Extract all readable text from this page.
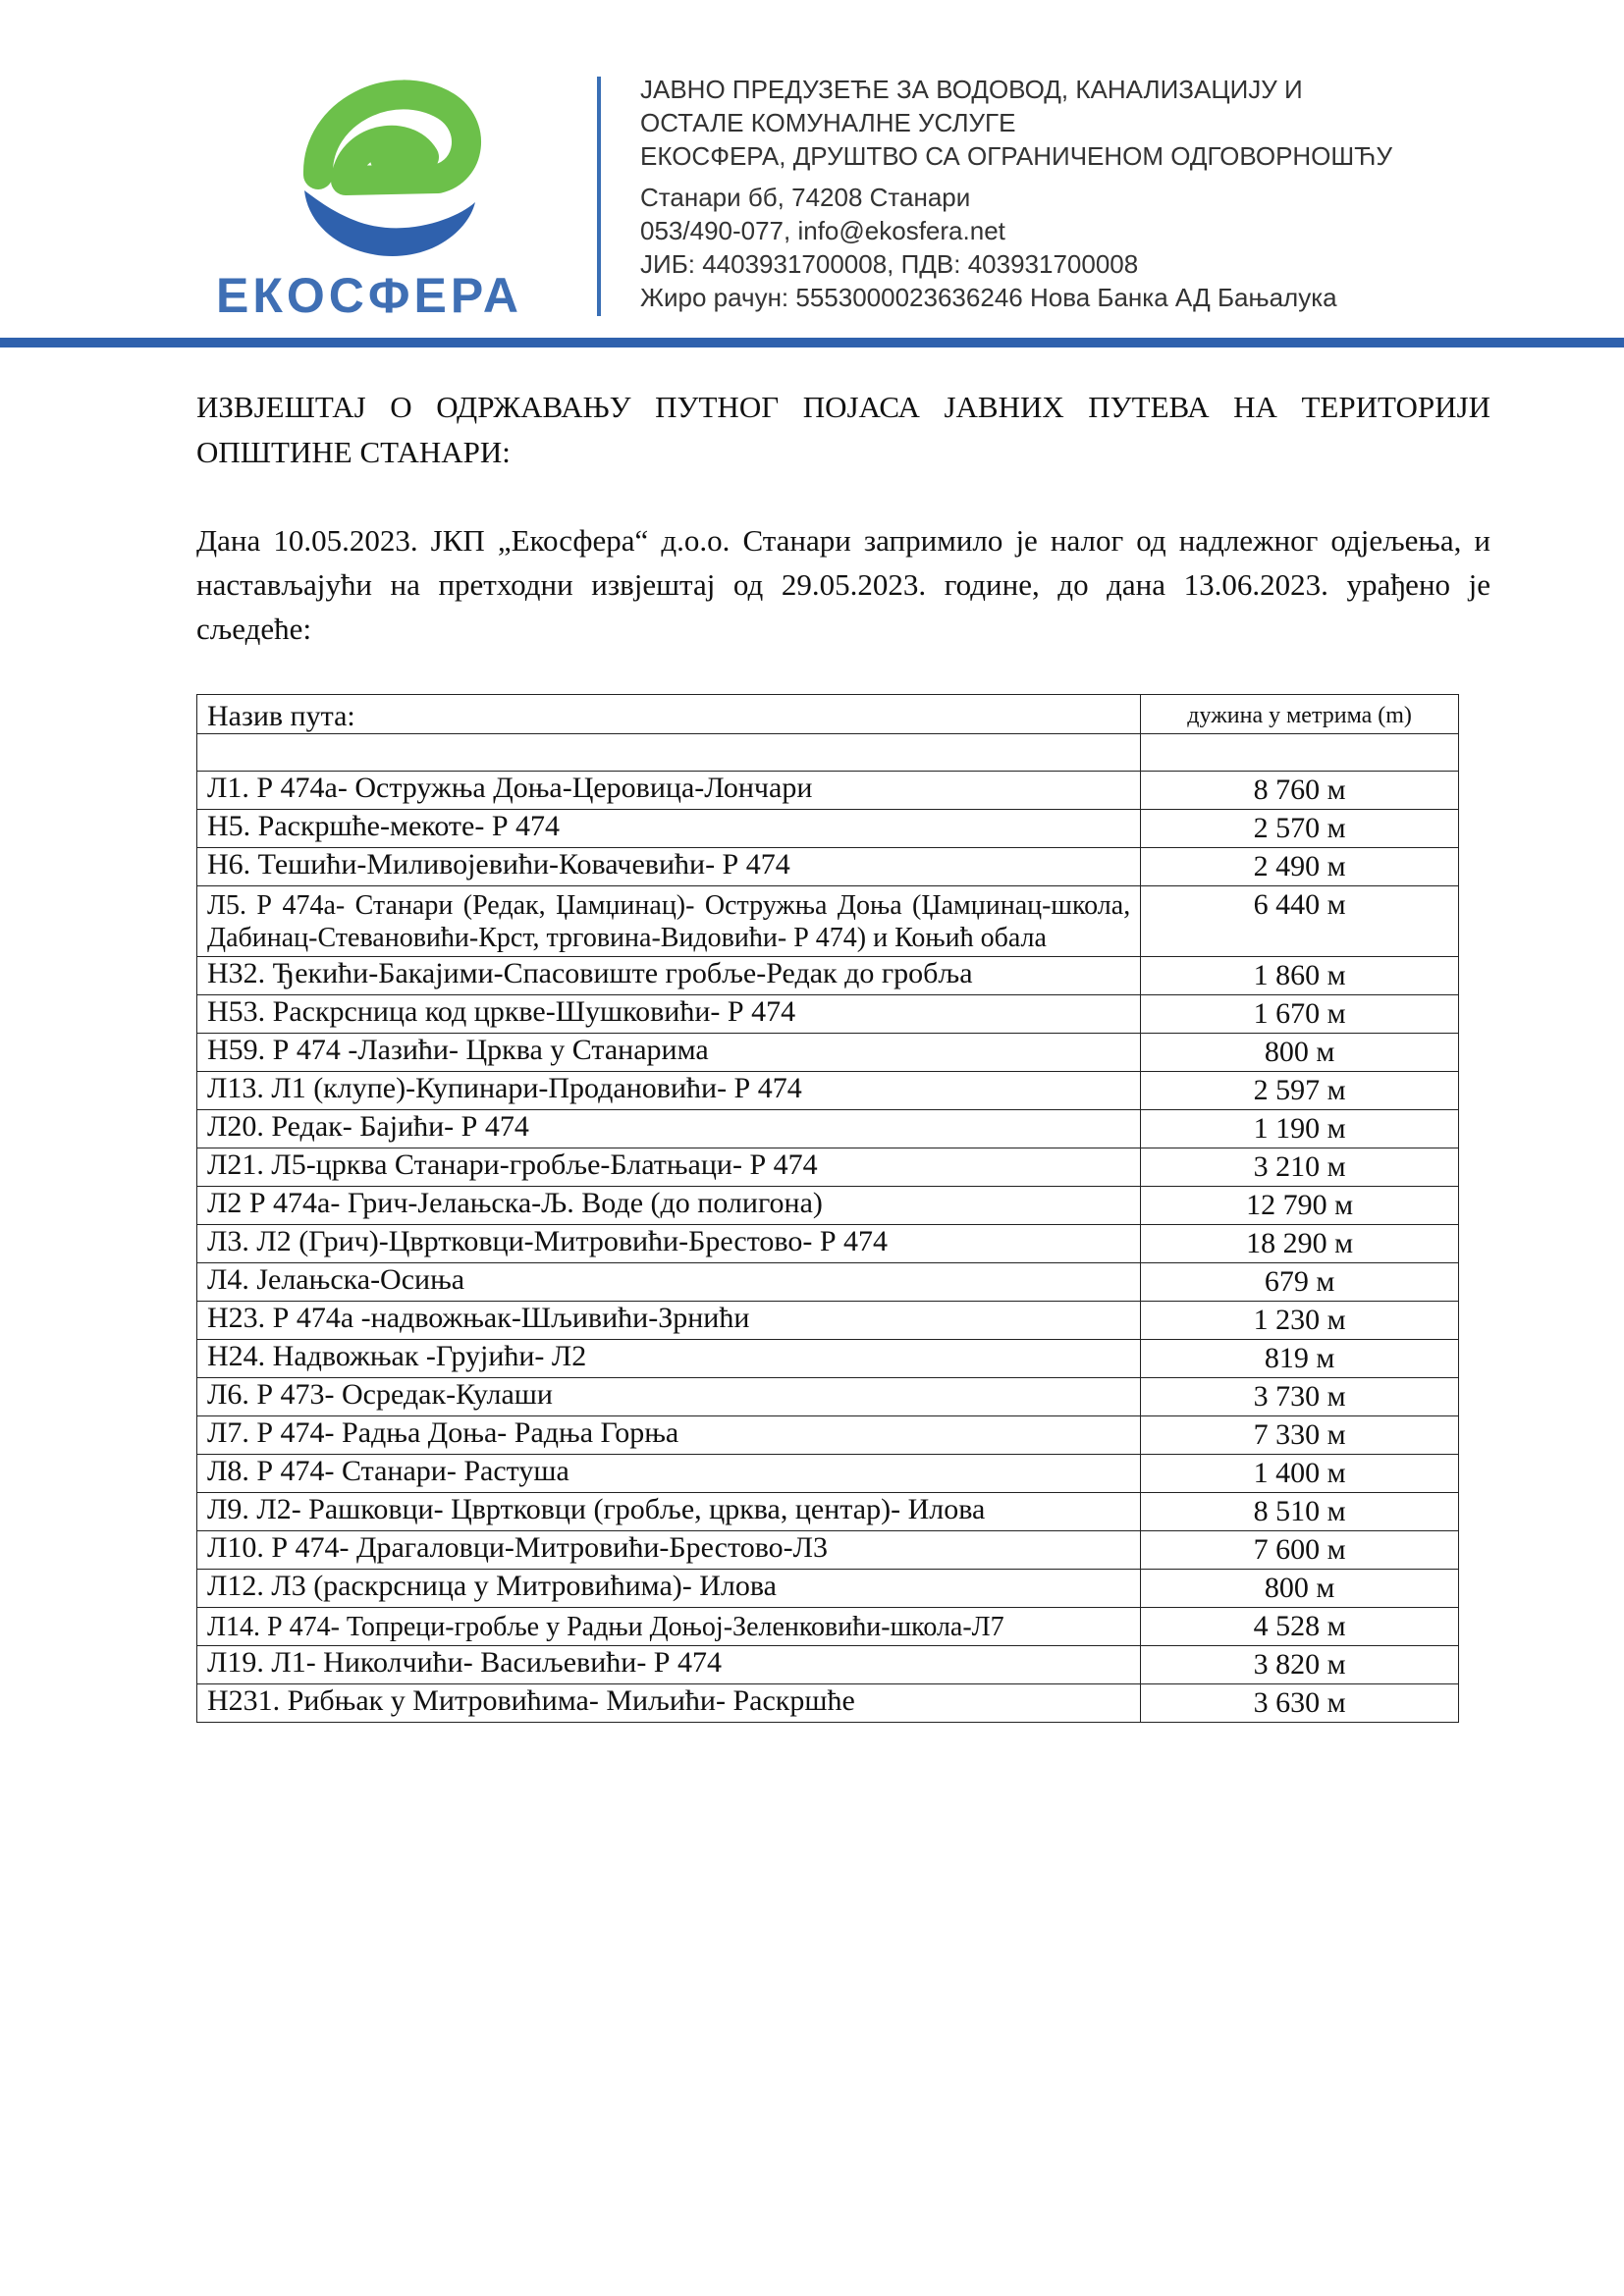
ЕКОСФЕРА
ЈАВНО ПРЕДУЗЕЋЕ ЗА ВОДОВОД, КАНАЛИЗАЦИЈУ И
ОСТАЛЕ КОМУНАЛНЕ УСЛУГЕ
ЕКОСФЕРА, ДРУШТВО СА ОГРАНИЧЕНОМ ОДГОВОРНОШЋУ
Станари бб, 74208 Станари
053/490-077, info@ekosfera.net
ЈИБ: 4403931700008, ПДВ: 403931700008
Жиро рачун: 5553000023636246 Нова Банка АД Бањалука
ИЗВЈЕШТАЈ О ОДРЖАВАЊУ ПУТНОГ ПОЈАСА ЈАВНИХ ПУТЕВА НА ТЕРИТОРИЈИ ОПШТИНЕ СТАНАРИ:
Дана 10.05.2023. ЈКП „Екосфера“ д.о.о. Станари запримило је налог од надлежног одјељења, и настављајући на претходни извјештај од 29.05.2023. године, до дана 13.06.2023. урађено је сљедеће:
Назив пута:	дужина у метрима (m)

Л1. Р 474а- Остружња Доња-Церовица-Лончари	8 760 м
Н5. Раскршће-мекоте- Р 474	2 570 м
Н6. Тешићи-Миливојевићи-Ковачевићи- Р 474	2 490 м
Л5. Р 474а- Станари (Редак, Џамџинац)- Остружња Доња (Џамџинац-школа, Дабинац-Стевановићи-Крст, трговина-Видовићи- Р 474) и Коњић обала	6 440 м
Н32. Ђекићи-Бакајими-Спасовиште гробље-Редак до гробља	1 860 м
Н53. Раскрсница код цркве-Шушковићи- Р 474	1 670 м
Н59. Р 474 -Лазићи- Црква у Станарима	800 м
Л13. Л1 (клупе)-Купинари-Продановићи- Р 474	2 597 м
Л20. Редак- Бајићи- Р 474	1 190 м
Л21. Л5-црква Станари-гробље-Блатњаци- Р 474	3 210 м
Л2 Р 474а- Грич-Јелањска-Љ. Воде (до полигона)	12 790 м
Л3. Л2 (Грич)-Цвртковци-Митровићи-Брестово- Р 474	18 290 м
Л4. Јелањска-Осиња	679 м
Н23. Р 474а -надвожњак-Шљивићи-Зрнићи	1 230 м
Н24. Надвожњак -Грујићи- Л2	819 м
Л6. Р 473- Осредак-Кулаши	3 730 м
Л7. Р 474- Радња Доња- Радња Горња	7 330 м
Л8. Р 474- Станари- Растуша	1 400 м
Л9. Л2- Рашковци- Цвртковци (гробље, црква, центар)- Илова	8 510 м
Л10. Р 474- Драгаловци-Митровићи-Брестово-Л3	7 600 м
Л12. Л3 (раскрсница у Митровићима)- Илова	800 м
Л14. Р 474- Топреци-гробље у Радњи Доњој-Зеленковићи-школа-Л7	4 528 м
Л19. Л1- Николчићи- Васиљевићи- Р 474	3 820 м
Н231. Рибњак у Митровићима- Миљићи- Раскршће	3 630 м
